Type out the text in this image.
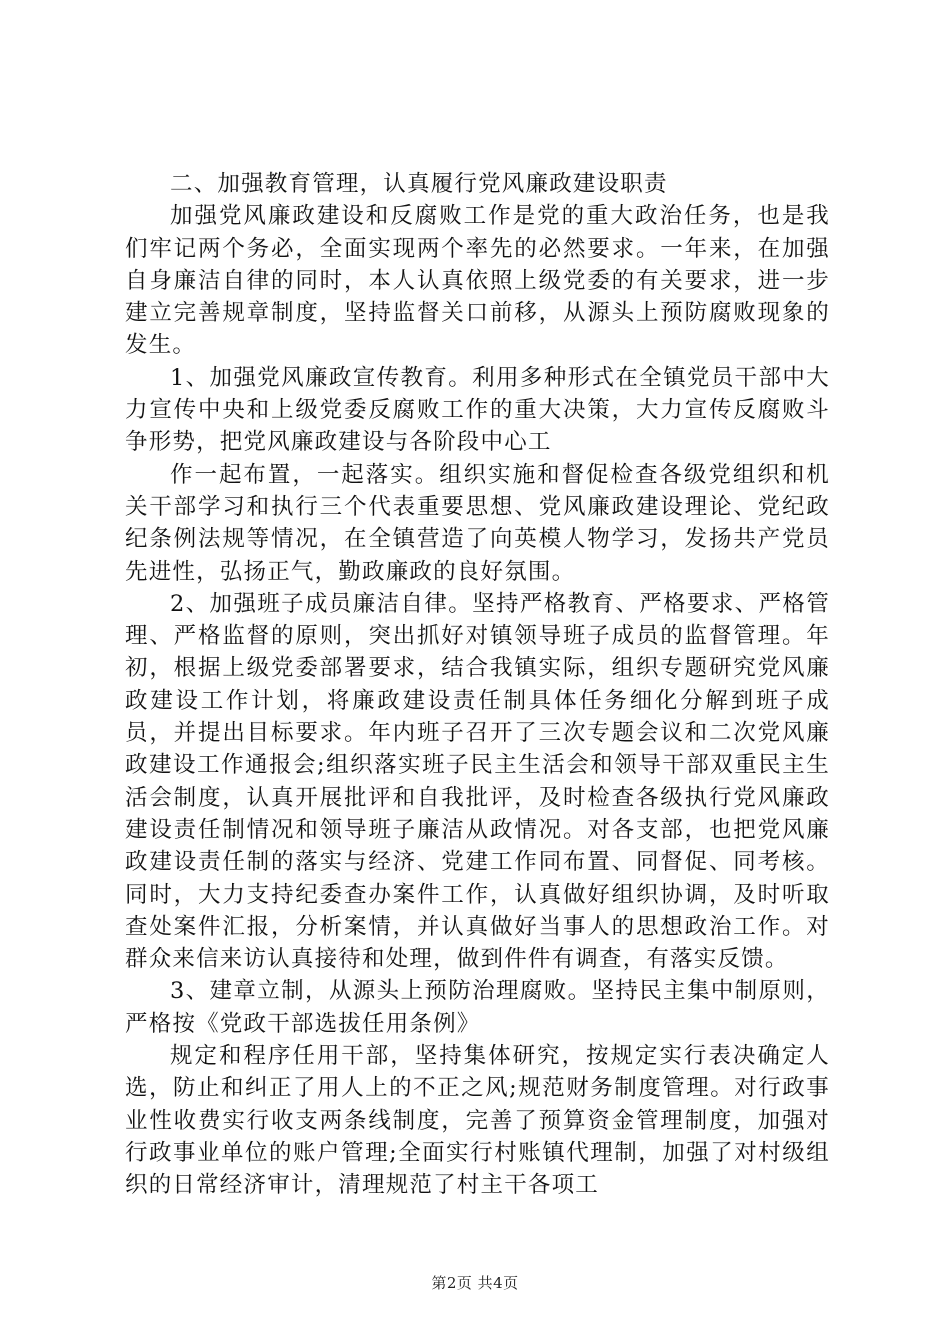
二、加强教育管理，认真履行党风廉政建设职责

加强党风廉政建设和反腐败工作是党的重大政治任务，也是我们牢记两个务必，全面实现两个率先的必然要求。一年来，在加强自身廉洁自律的同时，本人认真依照上级党委的有关要求，进一步建立完善规章制度，坚持监督关口前移，从源头上预防腐败现象的发生。

1、加强党风廉政宣传教育。利用多种形式在全镇党员干部中大力宣传中央和上级党委反腐败工作的重大决策，大力宣传反腐败斗争形势，把党风廉政建设与各阶段中心工

作一起布置，一起落实。组织实施和督促检查各级党组织和机关干部学习和执行三个代表重要思想、党风廉政建设理论、党纪政纪条例法规等情况，在全镇营造了向英模人物学习，发扬共产党员先进性，弘扬正气，勤政廉政的良好氛围。

2、加强班子成员廉洁自律。坚持严格教育、严格要求、严格管理、严格监督的原则，突出抓好对镇领导班子成员的监督管理。年初，根据上级党委部署要求，结合我镇实际，组织专题研究党风廉政建设工作计划，将廉政建设责任制具体任务细化分解到班子成员，并提出目标要求。年内班子召开了三次专题会议和二次党风廉政建设工作通报会;组织落实班子民主生活会和领导干部双重民主生活会制度，认真开展批评和自我批评，及时检查各级执行党风廉政建设责任制情况和领导班子廉洁从政情况。对各支部，也把党风廉政建设责任制的落实与经济、党建工作同布置、同督促、同考核。同时，大力支持纪委查办案件工作，认真做好组织协调，及时听取查处案件汇报，分析案情，并认真做好当事人的思想政治工作。对群众来信来访认真接待和处理，做到件件有调查，有落实反馈。

3、建章立制，从源头上预防治理腐败。坚持民主集中制原则，严格按《党政干部选拔任用条例》

规定和程序任用干部，坚持集体研究，按规定实行表决确定人选，防止和纠正了用人上的不正之风;规范财务制度管理。对行政事业性收费实行收支两条线制度，完善了预算资金管理制度，加强对行政事业单位的账户管理;全面实行村账镇代理制，加强了对村级组织的日常经济审计，清理规范了村主干各项工

第2页 共4页
